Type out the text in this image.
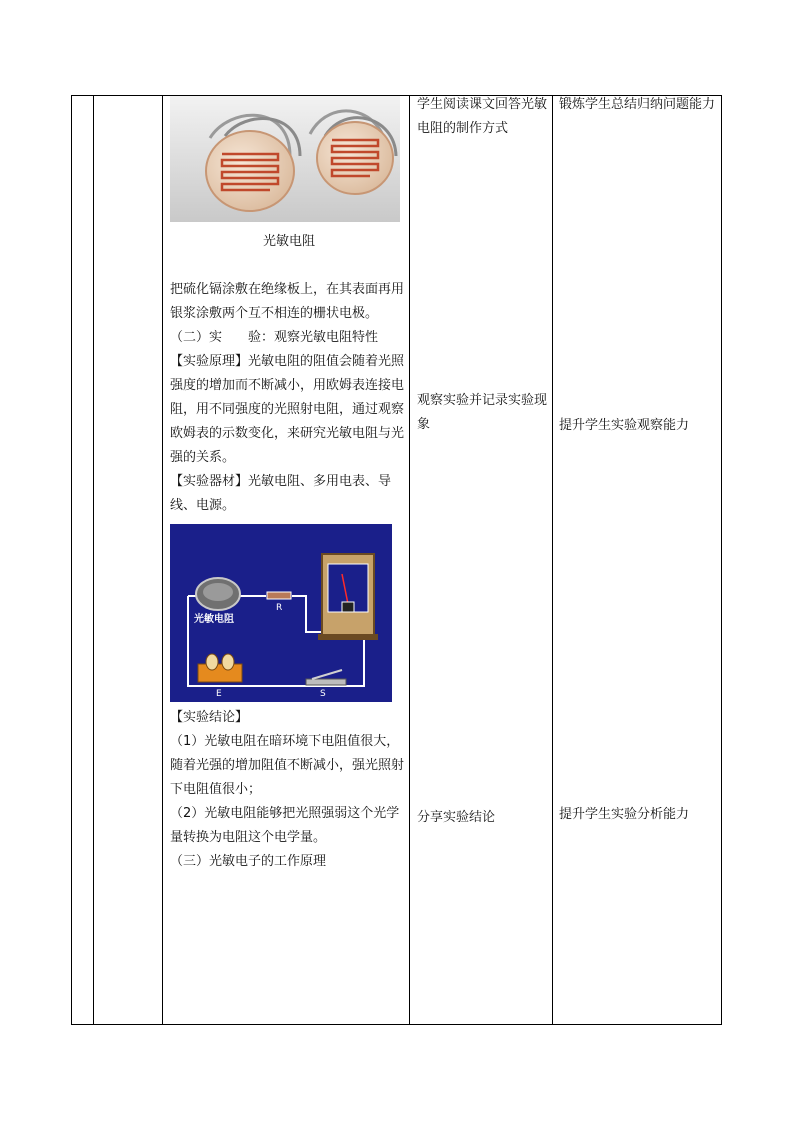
光敏电阻

把硫化镉涂敷在绝缘板上，在其表面再用银浆涂敷两个互不相连的栅状电极。

（二）实　　验：观察光敏电阻特性

【实验原理】光敏电阻的阻值会随着光照强度的增加而不断减小，用欧姆表连接电阻，用不同强度的光照射电阻，通过观察欧姆表的示数变化，来研究光敏电阻与光强的关系。

【实验器材】光敏电阻、多用电表、导线、电源。

光敏电阻
R
E	S

【实验结论】

（1）光敏电阻在暗环境下电阻值很大，随着光强的增加阻值不断减小，强光照射下电阻值很小；

（2）光敏电阻能够把光照强弱这个光学量转换为电阻这个电学量。

（三）光敏电子的工作原理

学生阅读课文回答光敏电阻的制作方式
观察实验并记录实验现象
分享实验结论
锻炼学生总结归纳问题能力
提升学生实验观察能力
提升学生实验分析能力
